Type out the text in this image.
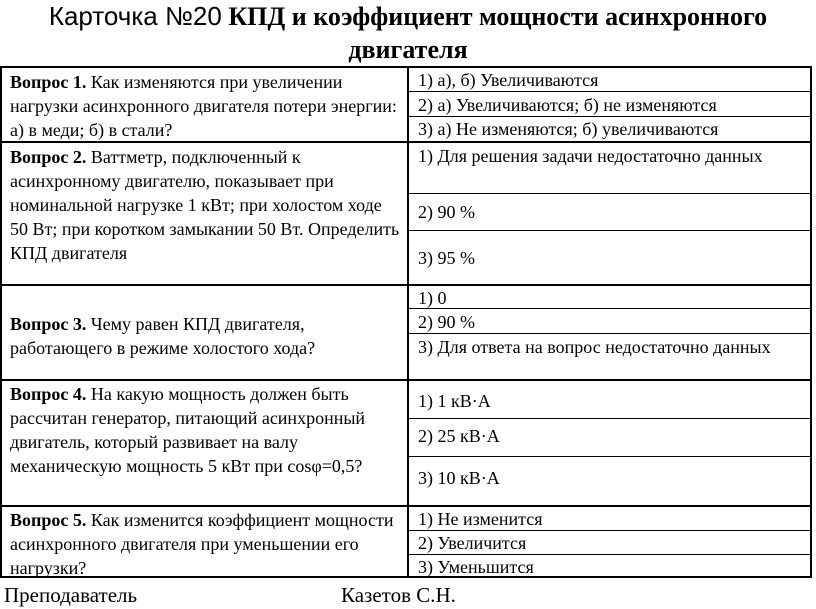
Карточка №20 КПД и коэффициент мощности асинхронного
двигателя
Вопрос 1. Как изменяются при увеличении нагрузки асинхронного двигателя потери энергии: а) в меди; б) в стали?
1) а), б) Увеличиваются
2) а) Увеличиваются; б) не изменяются
3) а) Не изменяются; б) увеличиваются
Вопрос 2. Ваттметр, подключенный к асинхронному двигателю, показывает при номинальной нагрузке 1 кВт; при холостом ходе 50 Вт; при коротком замыкании 50 Вт. Определить КПД двигателя
1) Для решения задачи недостаточно данных
2) 90 %
3) 95 %
Вопрос 3. Чему равен КПД двигателя, работающего в режиме холостого хода?
1) 0
2) 90 %
3) Для ответа на вопрос недостаточно данных
Вопрос 4. На какую мощность должен быть рассчитан генератор, питающий асинхронный двигатель, который развивает на валу механическую мощность 5 кВт при cosφ=0,5?
1) 1 кВ·А
2) 25 кВ·А
3) 10 кВ·А
Вопрос 5. Как изменится коэффициент мощности асинхронного двигателя при уменьшении его нагрузки?
1) Не изменится
2) Увеличится
3) Уменьшится
Преподаватель	Казетов С.Н.
